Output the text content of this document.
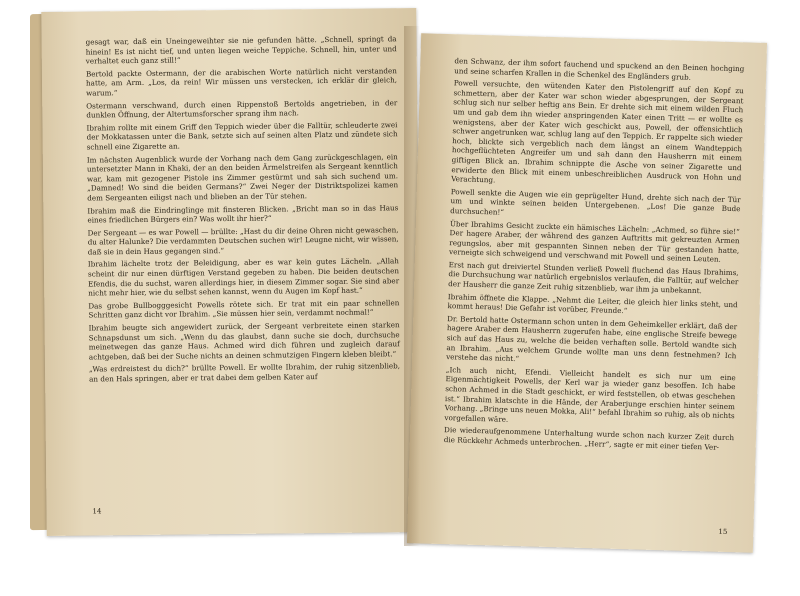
gesagt war, daß ein Uneingeweihter sie nie gefunden hätte. „Schnell, springt da hinein! Es ist nicht tief, und unten liegen weiche Teppiche. Schnell, hin, unter und verhaltet euch ganz still!“

Bertold packte Ostermann, der die arabischen Worte natürlich nicht verstanden hatte, am Arm. „Los, da rein! Wir müssen uns verstecken, ich erklär dir gleich, warum.“

Ostermann verschwand, durch einen Rippenstoß Bertolds angetrieben, in der dunklen Öffnung, der Altertumsforscher sprang ihm nach.

Ibrahim rollte mit einem Griff den Teppich wieder über die Falltür, schleuderte zwei der Mokkatassen unter die Bank, setzte sich auf seinen alten Platz und zündete sich schnell eine Zigarette an.

Im nächsten Augenblick wurde der Vorhang nach dem Gang zurückgeschlagen, ein untersetzter Mann in Khaki, der an den beiden Ärmelstreifen als Sergeant kenntlich war, kam mit gezogener Pistole ins Zimmer gestürmt und sah sich suchend um. „Damned! Wo sind die beiden Germans?“ Zwei Neger der Distriktspolizei kamen dem Sergeanten eiligst nach und blieben an der Tür stehen.

Ibrahim maß die Eindringlinge mit finsteren Blicken. „Bricht man so in das Haus eines friedlichen Bürgers ein? Was wollt ihr hier?“

Der Sergeant — es war Powell — brüllte: „Hast du dir deine Ohren nicht gewaschen, du alter Halunke? Die verdammten Deutschen suchen wir! Leugne nicht, wir wissen, daß sie in dein Haus gegangen sind.“

Ibrahim lächelte trotz der Beleidigung, aber es war kein gutes Lächeln. „Allah scheint dir nur einen dürftigen Verstand gegeben zu haben. Die beiden deutschen Efendis, die du suchst, waren allerdings hier, in diesem Zimmer sogar. Sie sind aber nicht mehr hier, wie du selbst sehen kannst, wenn du Augen im Kopf hast.“

Das grobe Bullbogggesicht Powells rötete sich. Er trat mit ein paar schnellen Schritten ganz dicht vor Ibrahim. „Sie müssen hier sein, verdammt nochmal!“

Ibrahim beugte sich angewidert zurück, der Sergeant verbreitete einen starken Schnapsdunst um sich. „Wenn du das glaubst, dann suche sie doch, durchsuche meinetwegen das ganze Haus. Achmed wird dich führen und zugleich darauf achtgeben, daß bei der Suche nichts an deinen schmutzigen Fingern kleben bleibt.“

„Was erdreistest du dich?“ brüllte Powell. Er wollte Ibrahim, der ruhig sitzenblieb, an den Hals springen, aber er trat dabei dem gelben Kater auf

14

den Schwanz, der ihm sofort fauchend und spuckend an den Beinen hochging und seine scharfen Krallen in die Schenkel des Engländers grub.

Powell versuchte, den wütenden Kater den Pistolengriff auf den Kopf zu schmettern, aber der Kater war schon wieder abgesprungen, der Sergeant schlug sich nur selber heftig ans Bein. Er drehte sich mit einem wilden Fluch um und gab dem ihn wieder anspringenden Kater einen Tritt — er wollte es wenigstens, aber der Kater wich geschickt aus, Powell, der offensichtlich schwer angetrunken war, schlug lang auf den Teppich. Er rappelte sich wieder hoch, blickte sich vergeblich nach dem längst an einem Wandteppich hochgeflüchteten Angreifer um und sah dann den Hausherrn mit einem giftigen Blick an. Ibrahim schnippte die Asche von seiner Zigarette und erwiderte den Blick mit einem unbeschreiblichen Ausdruck von Hohn und Verachtung.

Powell senkte die Augen wie ein geprügelter Hund, drehte sich nach der Tür um und winkte seinen beiden Untergebenen. „Los! Die ganze Bude durchsuchen!“

Über Ibrahims Gesicht zuckte ein hämisches Lächeln: „Achmed, so führe sie!“ Der hagere Araber, der während des ganzen Auftritts mit gekreuzten Armen regungslos, aber mit gespannten Sinnen neben der Tür gestanden hatte, verneigte sich schweigend und verschwand mit Powell und seinen Leuten.

Erst nach gut dreiviertel Stunden verließ Powell fluchend das Haus Ibrahims, die Durchsuchung war natürlich ergebnislos verlaufen, die Falltür, auf welcher der Hausherr die ganze Zeit ruhig sitzenblieb, war ihm ja unbekannt.

Ibrahim öffnete die Klappe. „Nehmt die Leiter, die gleich hier links steht, und kommt heraus! Die Gefahr ist vorüber, Freunde.“

Dr. Bertold hatte Ostermann schon unten in dem Geheimkeller erklärt, daß der hagere Araber dem Hausherrn zugerufen habe, eine englische Streife bewege sich auf das Haus zu, welche die beiden verhaften solle. Bertold wandte sich an Ibrahim. „Aus welchem Grunde wollte man uns denn festnehmen? Ich verstehe das nicht.“

„Ich auch nicht, Efendi. Vielleicht handelt es sich nur um eine Eigenmächtigkeit Powells, der Kerl war ja wieder ganz besoffen. Ich habe schon Achmed in die Stadt geschickt, er wird feststellen, ob etwas geschehen ist.“ Ibrahim klatschte in die Hände, der Araberjunge erschien hinter seinem Vorhang. „Bringe uns neuen Mokka, Ali!“ befahl Ibrahim so ruhig, als ob nichts vorgefallen wäre.

Die wiederaufgenommene Unterhaltung wurde schon nach kurzer Zeit durch die Rückkehr Achmeds unterbrochen. „Herr“, sagte er mit einer tiefen Ver-

15
